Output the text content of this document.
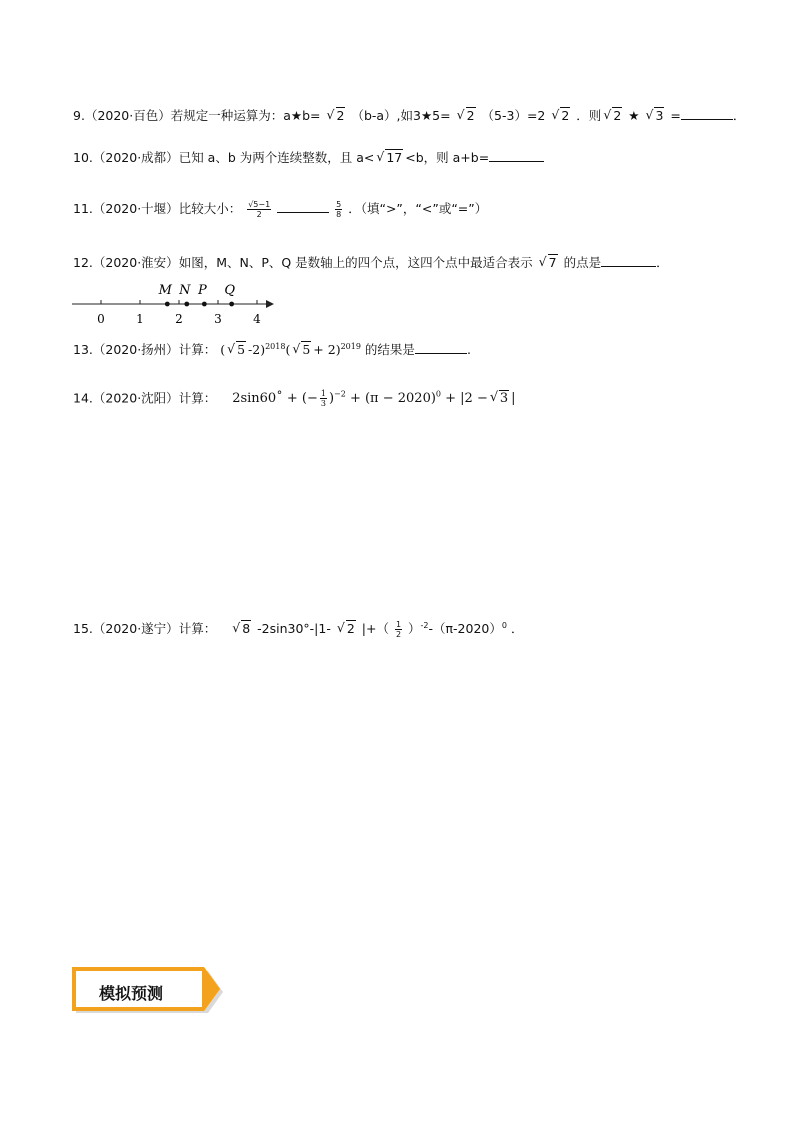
9.（2020·百色）若规定一种运算为：a★b= √ 2 （b-a）,如3★5= √ 2 （5-3）=2 √ 2 ．则 √ 2 ★ √ 3 =	．
10.（2020·成都）已知 a、b 为两个连续整数，且 a< √ 17 <b，则 a+b=
11.（2020·十堰）比较大小： $\frac{√5-1}{2}$
	$\frac{5}{8}$ ．（填“>”，“<”或“=”）
12.（2020·淮安）如图，M、N、P、Q 是数轴上的四个点，这四个点中最适合表示 √ 7 的点是	．
0	1	2	3	4
M N P Q
13.（2020·扬州）计算： ( √ 5 -2)$^{2018}$( √ 5 + 2)$^{2019}$ 的结果是	.
14.（2020·沈阳）计算： 2sin60˚ + (− $\frac{1}{3} )^{-2} + (\pi - 2020)^0 + |2$ − √ 3 |
15.（2020·遂宁）计算： √ 8 -2sin30°-|1- √ 2 |+（ $\frac{1}{2} )^{-2}-(\pi-2020)^0$ ．
模拟预测
